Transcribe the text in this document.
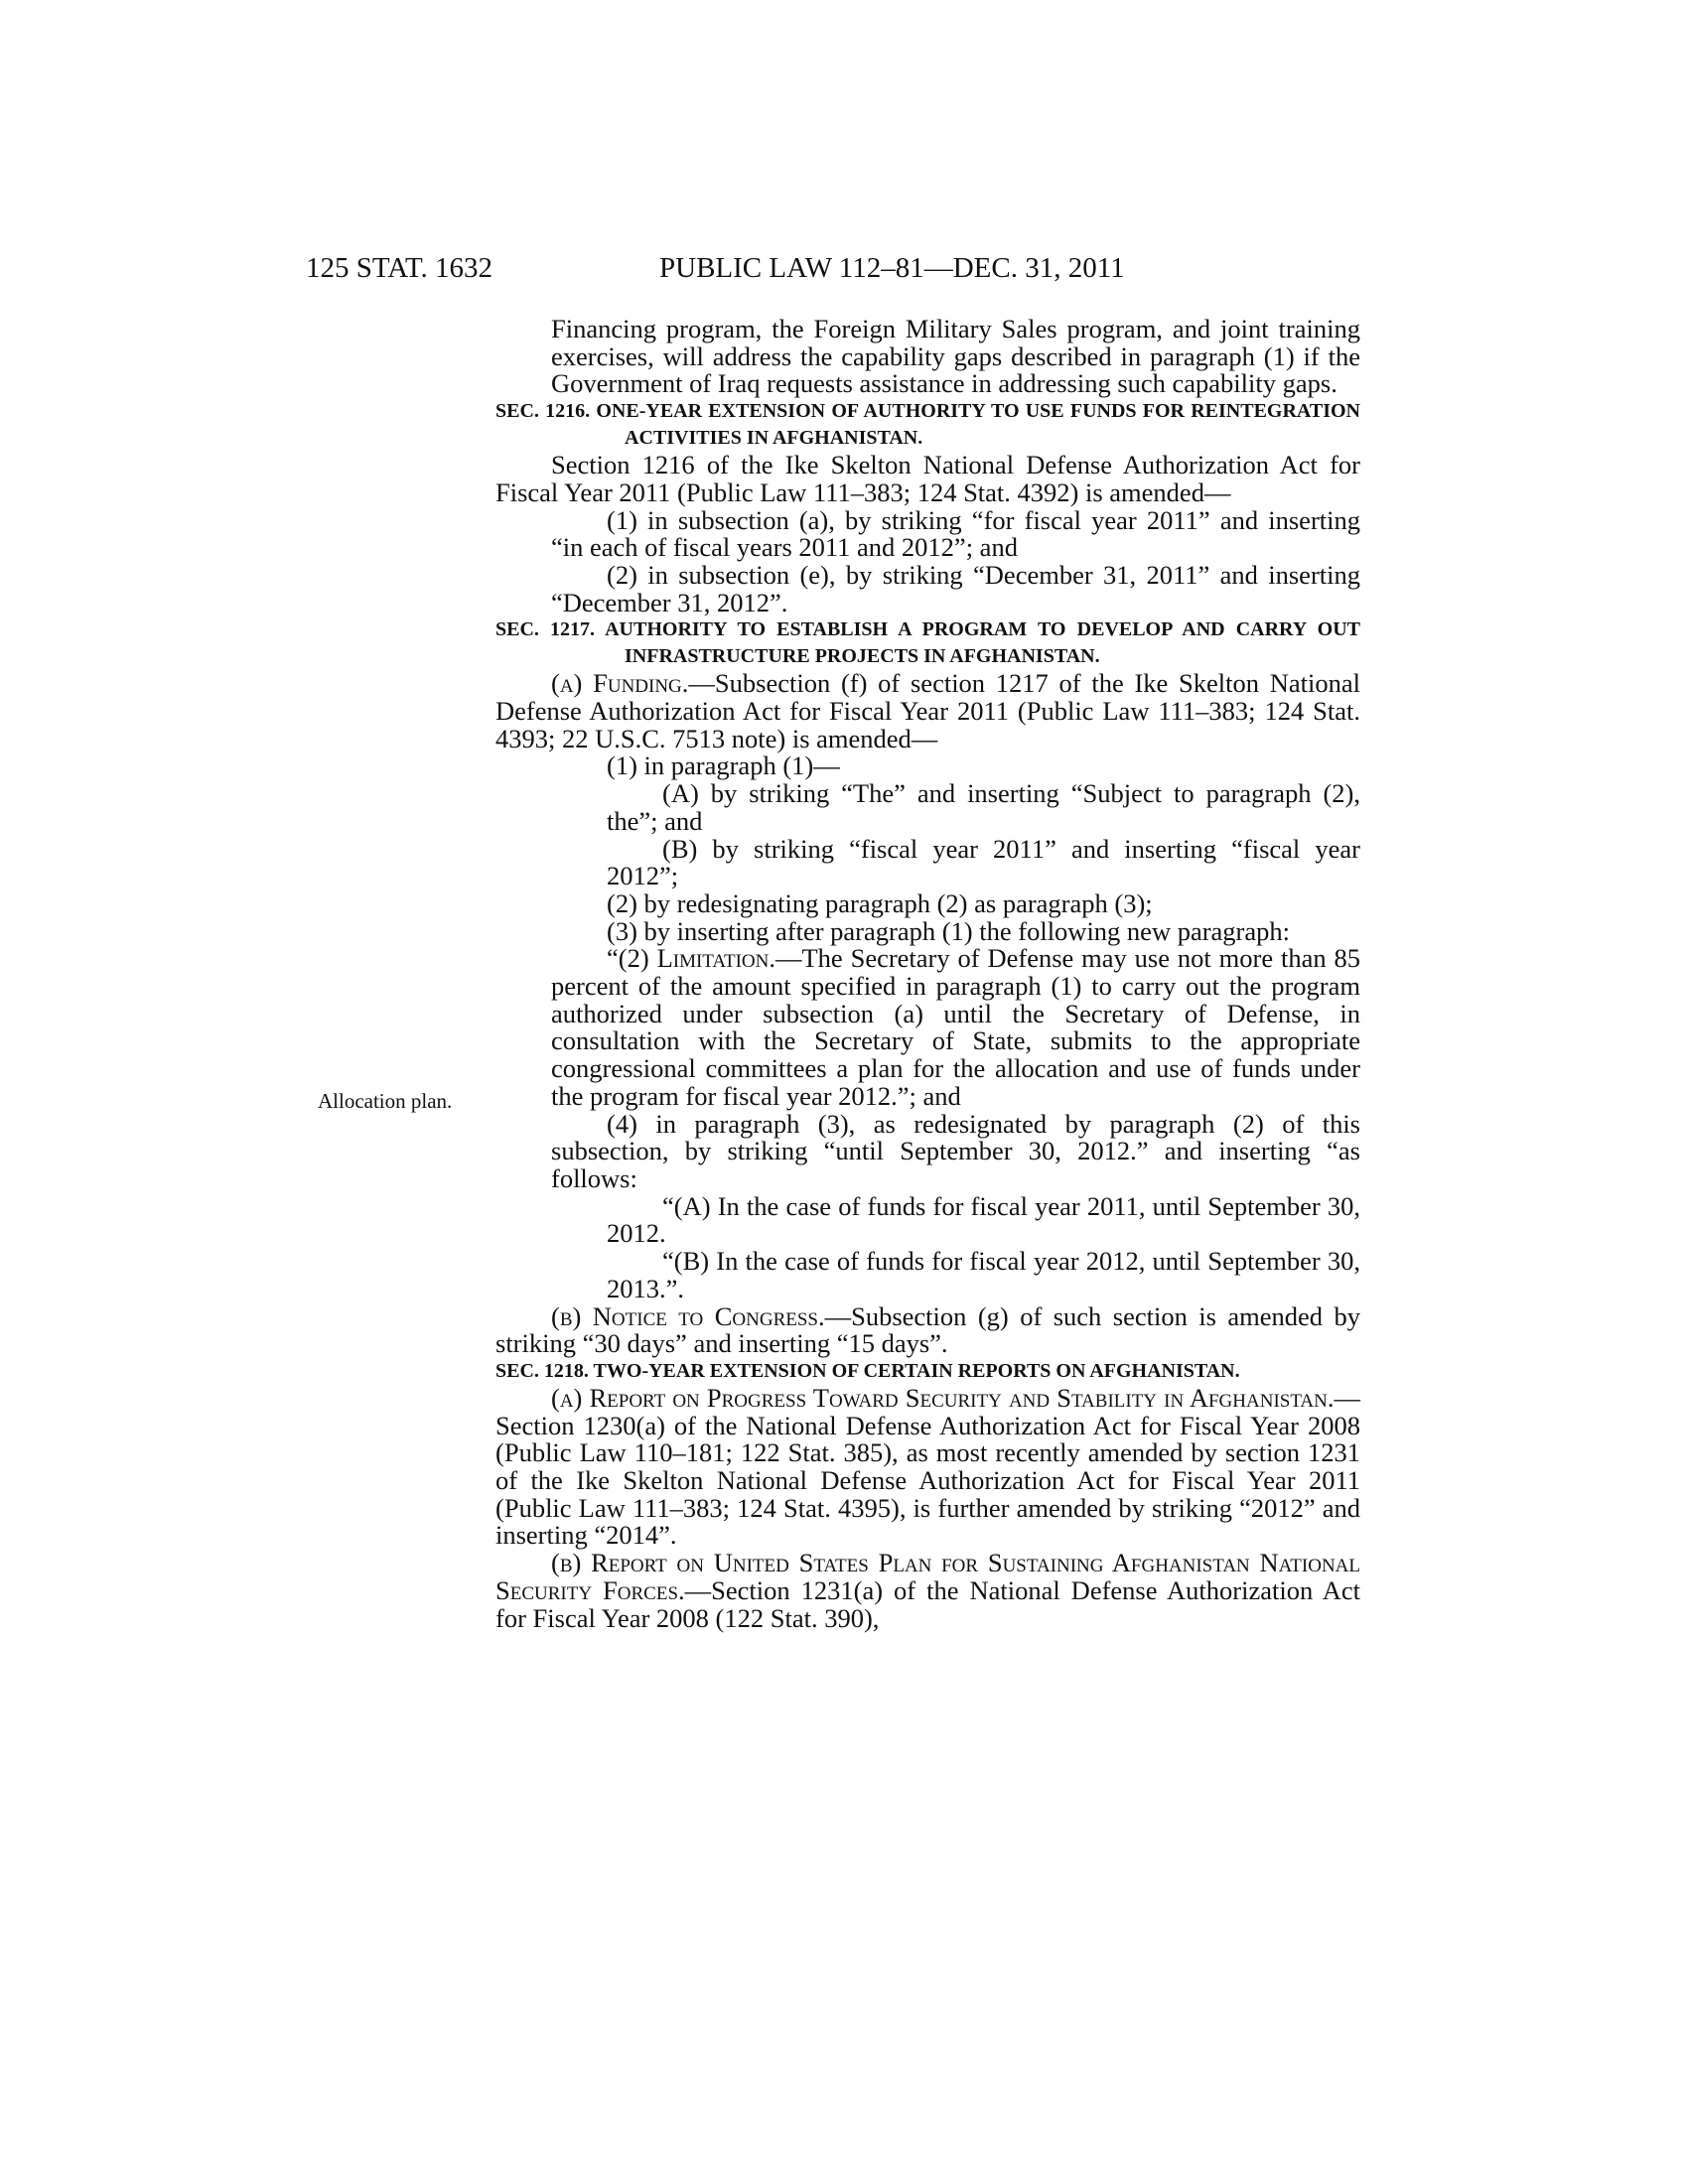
125 STAT. 1632	PUBLIC LAW 112–81—DEC. 31, 2011
Allocation plan.

Financing program, the Foreign Military Sales program, and joint training exercises, will address the capability gaps described in paragraph (1) if the Government of Iraq requests assistance in addressing such capability gaps.

SEC. 1216. ONE-YEAR EXTENSION OF AUTHORITY TO USE FUNDS FOR REINTEGRATION ACTIVITIES IN AFGHANISTAN.

Section 1216 of the Ike Skelton National Defense Authorization Act for Fiscal Year 2011 (Public Law 111–383; 124 Stat. 4392) is amended—

(1) in subsection (a), by striking “for fiscal year 2011” and inserting “in each of fiscal years 2011 and 2012”; and

(2) in subsection (e), by striking “December 31, 2011” and inserting “December 31, 2012”.

SEC. 1217. AUTHORITY TO ESTABLISH A PROGRAM TO DEVELOP AND CARRY OUT INFRASTRUCTURE PROJECTS IN AFGHANISTAN.

(a) Funding.—Subsection (f) of section 1217 of the Ike Skelton National Defense Authorization Act for Fiscal Year 2011 (Public Law 111–383; 124 Stat. 4393; 22 U.S.C. 7513 note) is amended—

(1) in paragraph (1)—

(A) by striking “The” and inserting “Subject to paragraph (2), the”; and

(B) by striking “fiscal year 2011” and inserting “fiscal year 2012”;

(2) by redesignating paragraph (2) as paragraph (3);

(3) by inserting after paragraph (1) the following new paragraph:

“(2) Limitation.—The Secretary of Defense may use not more than 85 percent of the amount specified in paragraph (1) to carry out the program authorized under subsection (a) until the Secretary of Defense, in consultation with the Secretary of State, submits to the appropriate congressional committees a plan for the allocation and use of funds under the program for fiscal year 2012.”; and

(4) in paragraph (3), as redesignated by paragraph (2) of this subsection, by striking “until September 30, 2012.” and inserting “as follows:

“(A) In the case of funds for fiscal year 2011, until September 30, 2012.

“(B) In the case of funds for fiscal year 2012, until September 30, 2013.”.

(b) Notice to Congress.—Subsection (g) of such section is amended by striking “30 days” and inserting “15 days”.

SEC. 1218. TWO-YEAR EXTENSION OF CERTAIN REPORTS ON AFGHANISTAN.

(a) Report on Progress Toward Security and Stability in Afghanistan.—Section 1230(a) of the National Defense Authorization Act for Fiscal Year 2008 (Public Law 110–181; 122 Stat. 385), as most recently amended by section 1231 of the Ike Skelton National Defense Authorization Act for Fiscal Year 2011 (Public Law 111–383; 124 Stat. 4395), is further amended by striking “2012” and inserting “2014”.

(b) Report on United States Plan for Sustaining Afghanistan National Security Forces.—Section 1231(a) of the National Defense Authorization Act for Fiscal Year 2008 (122 Stat. 390),
